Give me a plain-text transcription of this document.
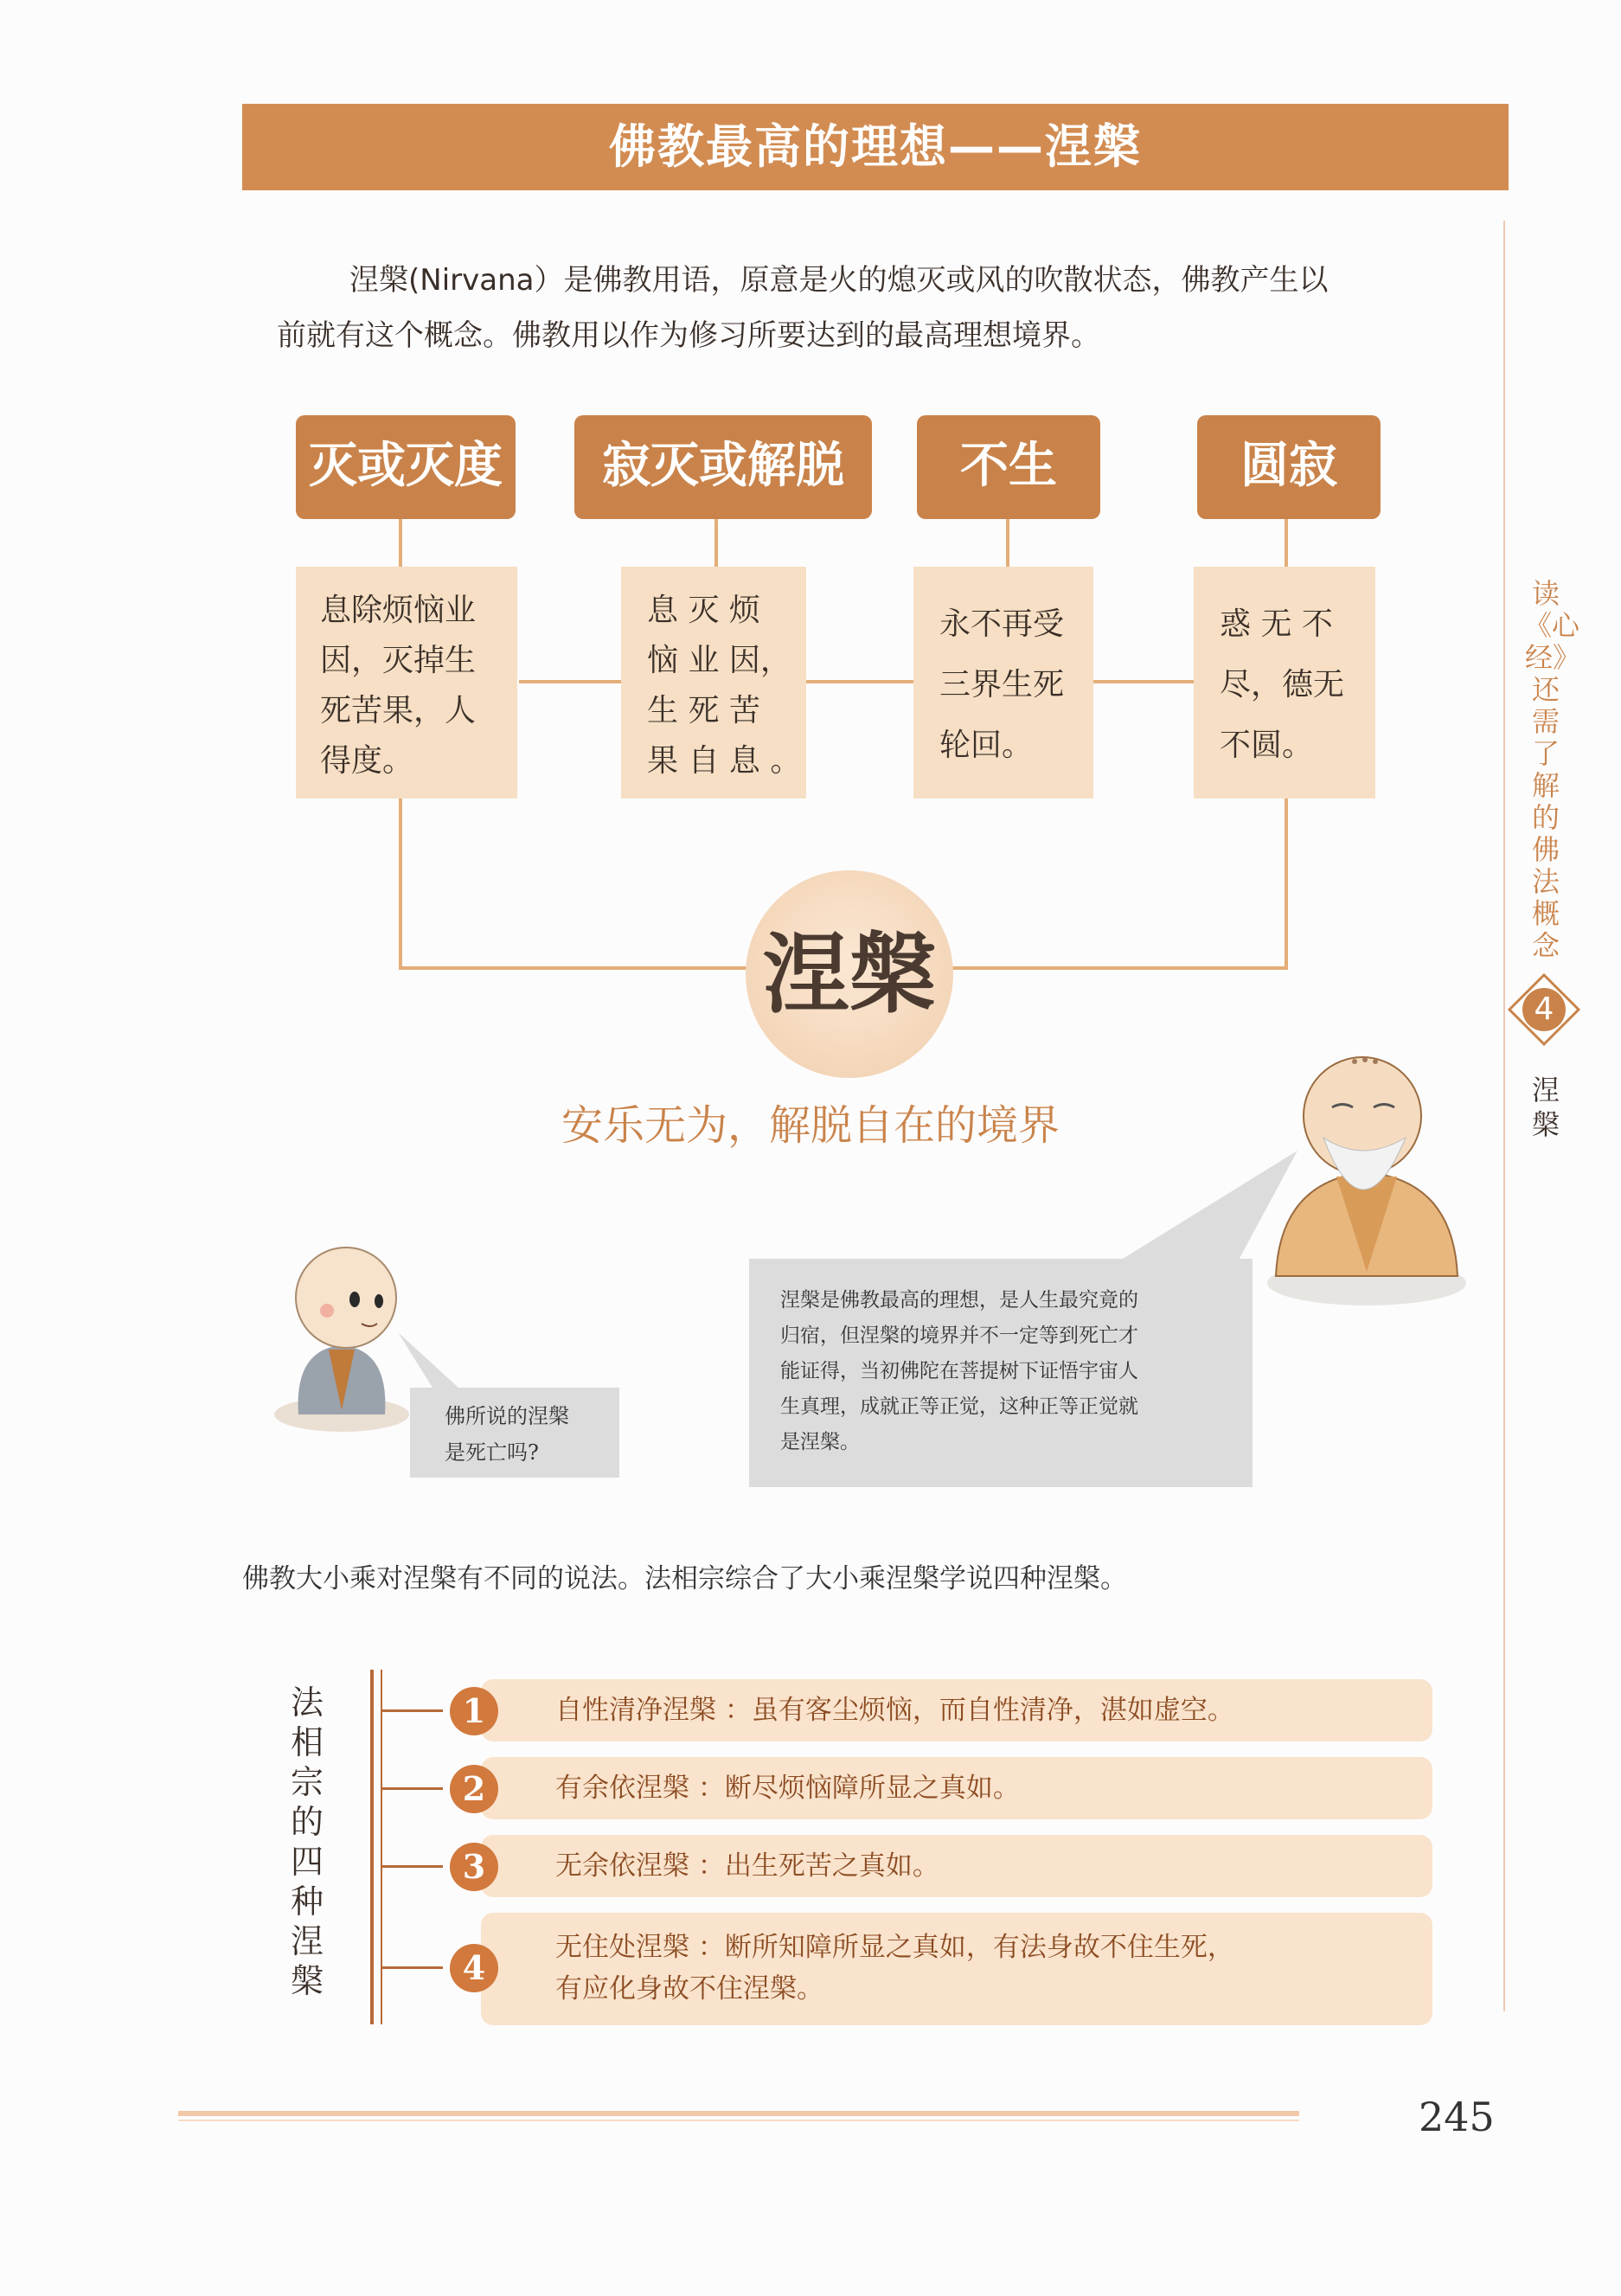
佛教最高的理想——涅槃
涅槃(Nirvana）是佛教用语，原意是火的熄灭或风的吹散状态，佛教产生以
前就有这个概念。佛教用以作为修习所要达到的最高理想境界。
灭或灭度	寂灭或解脱	不生	圆寂
息除烦恼业
因，灭掉生
死苦果，人
得度。
息 灭 烦
恼 业 因，
生 死 苦
果 自 息 。
永不再受
三界生死
轮回。
惑 无 不
尽，德无
不圆。
涅槃
安乐无为，解脱自在的境界
读《心经》还需了解的佛法概念
4
涅槃
佛所说的涅槃
是死亡吗?
涅槃是佛教最高的理想，是人生最究竟的
归宿，但涅槃的境界并不一定等到死亡才
能证得，当初佛陀在菩提树下证悟宇宙人
生真理，成就正等正觉，这种正等正觉就
是涅槃。
佛教大小乘对涅槃有不同的说法。法相宗综合了大小乘涅槃学说四种涅槃。
法相宗的四种涅槃
自性清净涅槃 ：虽有客尘烦恼，而自性清净，湛如虚空。
有余依涅槃 ：断尽烦恼障所显之真如。
无余依涅槃 ：出生死苦之真如。
无住处涅槃 ：断所知障所显之真如，有法身故不住生死，
有应化身故不住涅槃。
1
2
3
4
245
